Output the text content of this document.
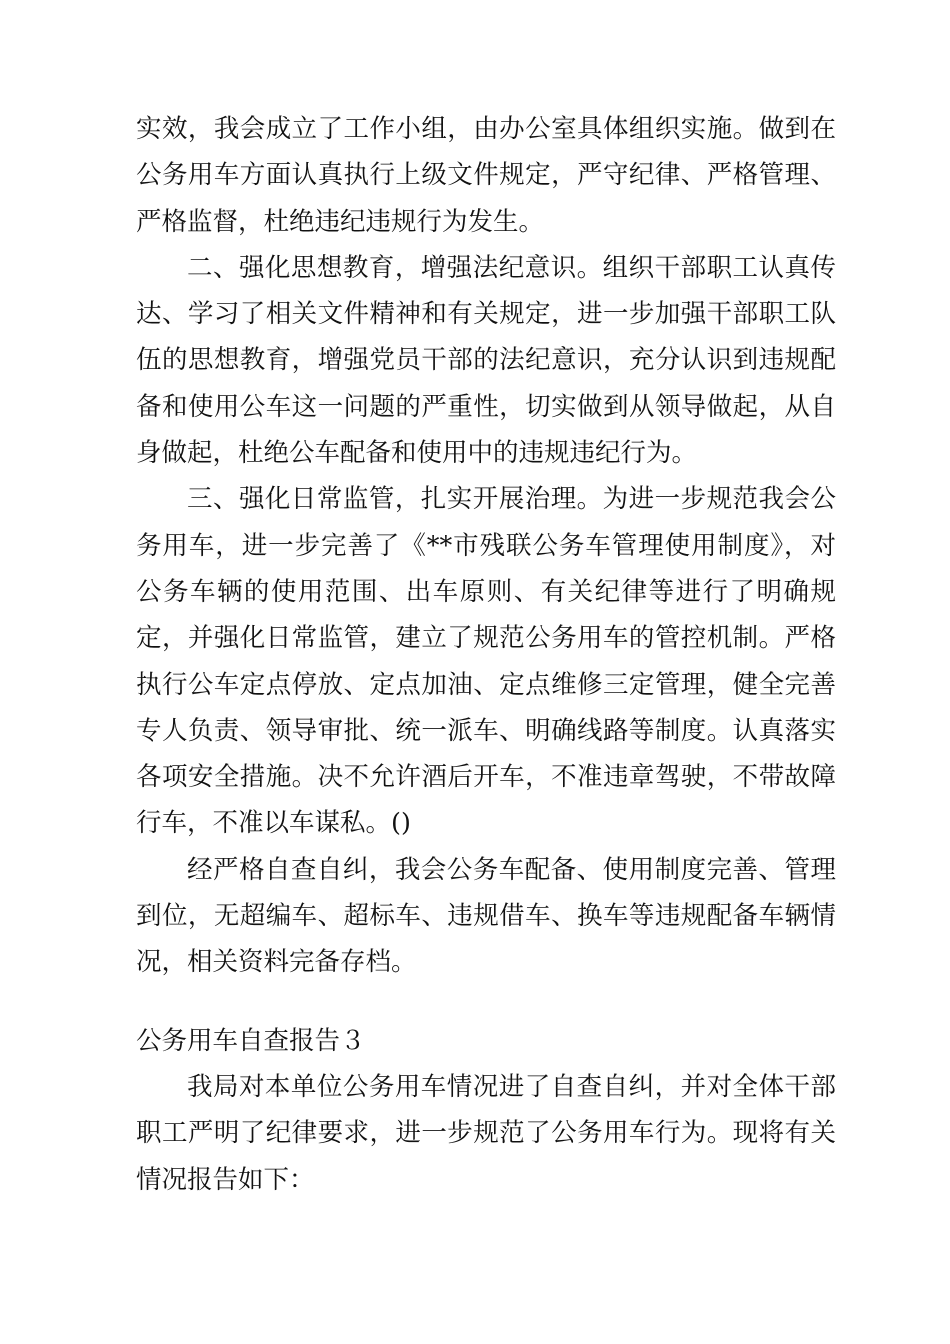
实效，我会成立了工作小组，由办公室具体组织实施。做到在公务用车方面认真执行上级文件规定，严守纪律、严格管理、严格监督，杜绝违纪违规行为发生。

二、强化思想教育，增强法纪意识。组织干部职工认真传达、学习了相关文件精神和有关规定，进一步加强干部职工队伍的思想教育，增强党员干部的法纪意识，充分认识到违规配备和使用公车这一问题的严重性，切实做到从领导做起，从自身做起，杜绝公车配备和使用中的违规违纪行为。

三、强化日常监管，扎实开展治理。为进一步规范我会公务用车，进一步完善了《**市残联公务车管理使用制度》，对公务车辆的使用范围、出车原则、有关纪律等进行了明确规定，并强化日常监管，建立了规范公务用车的管控机制。严格执行公车定点停放、定点加油、定点维修三定管理，健全完善专人负责、领导审批、统一派车、明确线路等制度。认真落实各项安全措施。决不允许酒后开车，不准违章驾驶，不带故障行车，不准以车谋私。()

经严格自查自纠，我会公务车配备、使用制度完善、管理到位，无超编车、超标车、违规借车、换车等违规配备车辆情况，相关资料完备存档。

公务用车自查报告３

我局对本单位公务用车情况进了自查自纠，并对全体干部职工严明了纪律要求，进一步规范了公务用车行为。现将有关情况报告如下：
